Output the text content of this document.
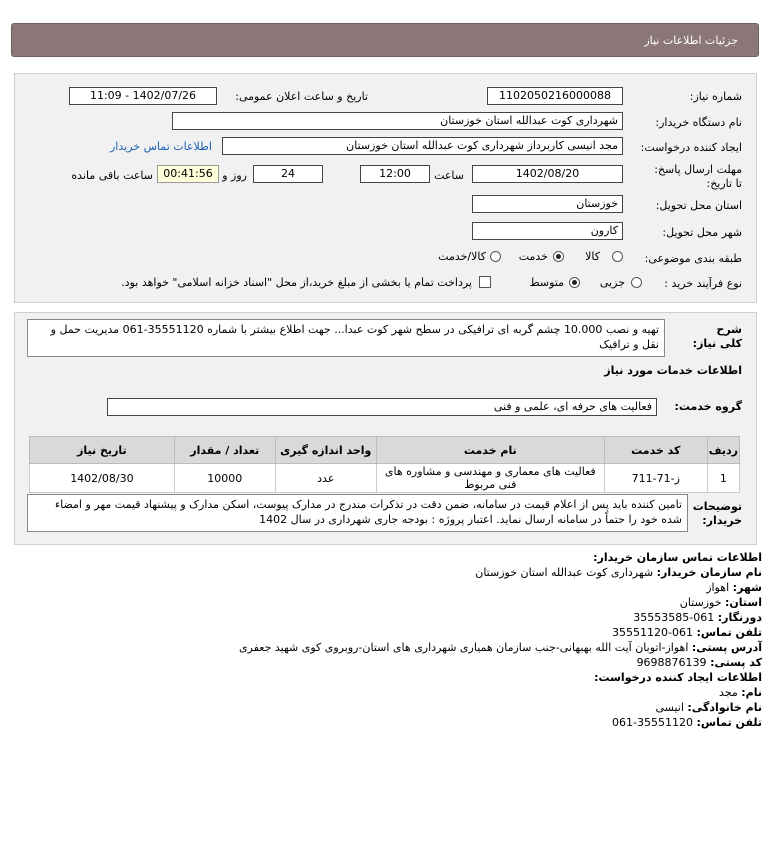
جزئیات اطلاعات نیاز
شماره نیاز:
1102050216000088
تاریخ و ساعت اعلان عمومی:
1402/07/26 - 11:09
نام دستگاه خریدار:
شهرداری کوت عبدالله استان خوزستان
ایجاد کننده درخواست:
مجد انیسی کاربرداز شهرداری کوت عبدالله استان خوزستان
اطلاعات تماس خریدار
مهلت ارسال پاسخ: تا تاریخ:
1402/08/20
ساعت
12:00
24
روز و
00:41:56
ساعت باقی مانده
استان محل تحویل:
خوزستان
شهر محل تحویل:
کارون
طبقه بندی موضوعی:
کالا
خدمت
کالا/خدمت
نوع فرآیند خرید :
جزیی
متوسط
پرداخت تمام یا بخشی از مبلغ خرید،از محل "اسناد خزانه اسلامی" خواهد بود.
شرح کلی نیاز:
تهیه و نصب 10.000 چشم گربه ای ترافیکی در سطح شهر کوت عبدا... جهت اطلاع بیشتر با شماره 35551120-061 مدیریت حمل و نقل و ترافیک
اطلاعات خدمات مورد نیاز
گروه خدمت:
فعالیت های حرفه ای، علمی و فنی
ردیف	کد خدمت	نام خدمت	واحد اندازه گیری	تعداد / مقدار	تاریخ نیاز
1	ز-71-711	فعالیت های معماری و مهندسی و مشاوره های فنی مربوط	عدد	10000	1402/08/30
توضیحات خریدار:
تامین کننده باید پس از اعلام قیمت در سامانه، ضمن دقت در تذکرات مندرج در مدارک پیوست، اسکن مدارک و پیشنهاد قیمت مهر و امضاء شده خود را حتماً در سامانه ارسال نماید. اعتبار پروژه : بودجه جاری شهرداری در سال 1402
اطلاعات تماس سازمان خریدار:
نام سازمان خریدار: شهرداری کوت عبدالله استان خوزستان
شهر: اهواز
استان: خوزستان
دورنگار: 061-35553585
تلفن تماس: 061-35551120
آدرس پستی: اهواز-اتوبان آیت الله بهبهانی-جنب سازمان همیاری شهرداری های استان-روبروی کوی شهید جعفری
کد پستی: 9698876139
اطلاعات ایجاد کننده درخواست:
نام: مجد
نام خانوادگی: انیسی
تلفن تماس: 35551120-061
